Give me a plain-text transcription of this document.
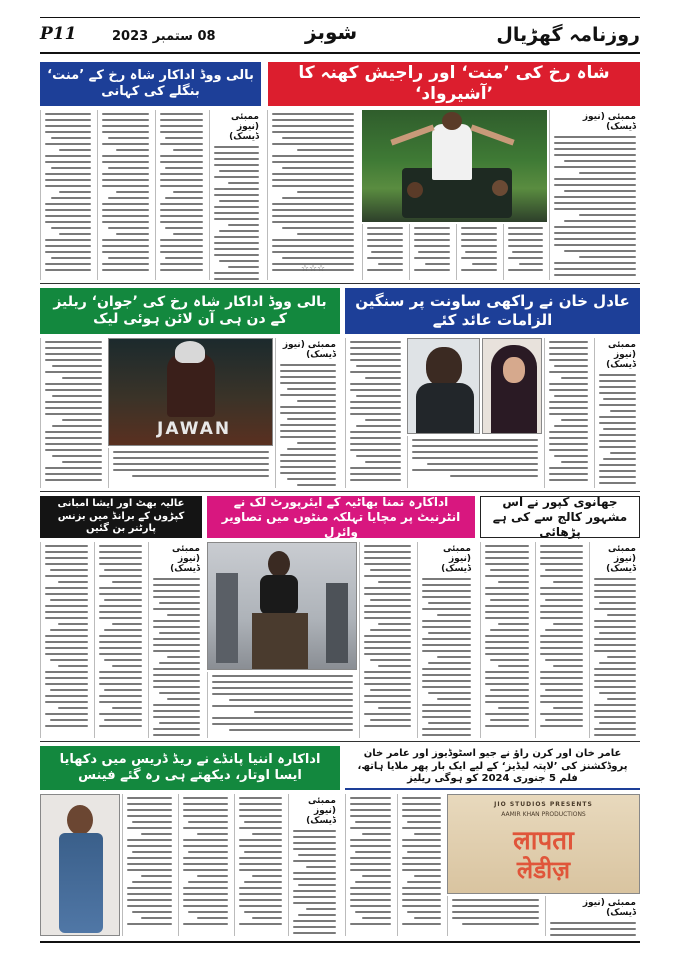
P11	08 ستمبر 2023	شوبز	روزنامہ گھڑیال
بالی ووڈ اداکار شاہ رخ کے ’منت‘ بنگلے کی کہانی
شاہ رخ کی ’منت‘ اور راجیش کھنہ کا ’آشیرواد‘
ممبئی (نیوز ڈیسک)
☆☆☆
ممبئی (نیوز ڈیسک)
بالی ووڈ اداکار شاہ رخ کی ’جوان‘ ریلیز کے دن ہی آن لائن ہوئی لیک
عادل خان نے راکھی ساونت پر سنگین الزامات عائد کئے
JAWAN
ممبئی (نیوز ڈیسک)
ممبئی (نیوز ڈیسک)
عالیہ بھٹ اور ایشا امبانی کپڑوں کے برانڈ میں بزنس پارٹنر بن گئیں
اداکارہ تمنا بھاٹیہ کے ایئرپورٹ لک نے انٹرنیٹ پر مچایا تہلکہ منٹوں میں تصاویر وائرل
جھانوی کپور نے اس مشہور کالج سے کی ہے پڑھائی
ممبئی (نیوز ڈیسک)
ممبئی (نیوز ڈیسک)
ممبئی (نیوز ڈیسک)
اداکارہ اننیا پانڈے نے ریڈ ڈریس میں دکھایا ایسا اوتار، دیکھتے ہی رہ گئے فینس
عامر خان اور کرن راؤ نے جیو اسٹوڈیوز اور عامر خان پروڈکشنز کی ’لاپتہ لیڈیز‘ کے لیے ایک بار پھر ملایا ہاتھ، فلم 5 جنوری 2024 کو ہوگی ریلیز
ممبئی (نیوز ڈیسک)
JIO STUDIOS PRESENTS
AAMIR KHAN PRODUCTIONS
लापता
लेडीज़
ممبئی (نیوز ڈیسک)
